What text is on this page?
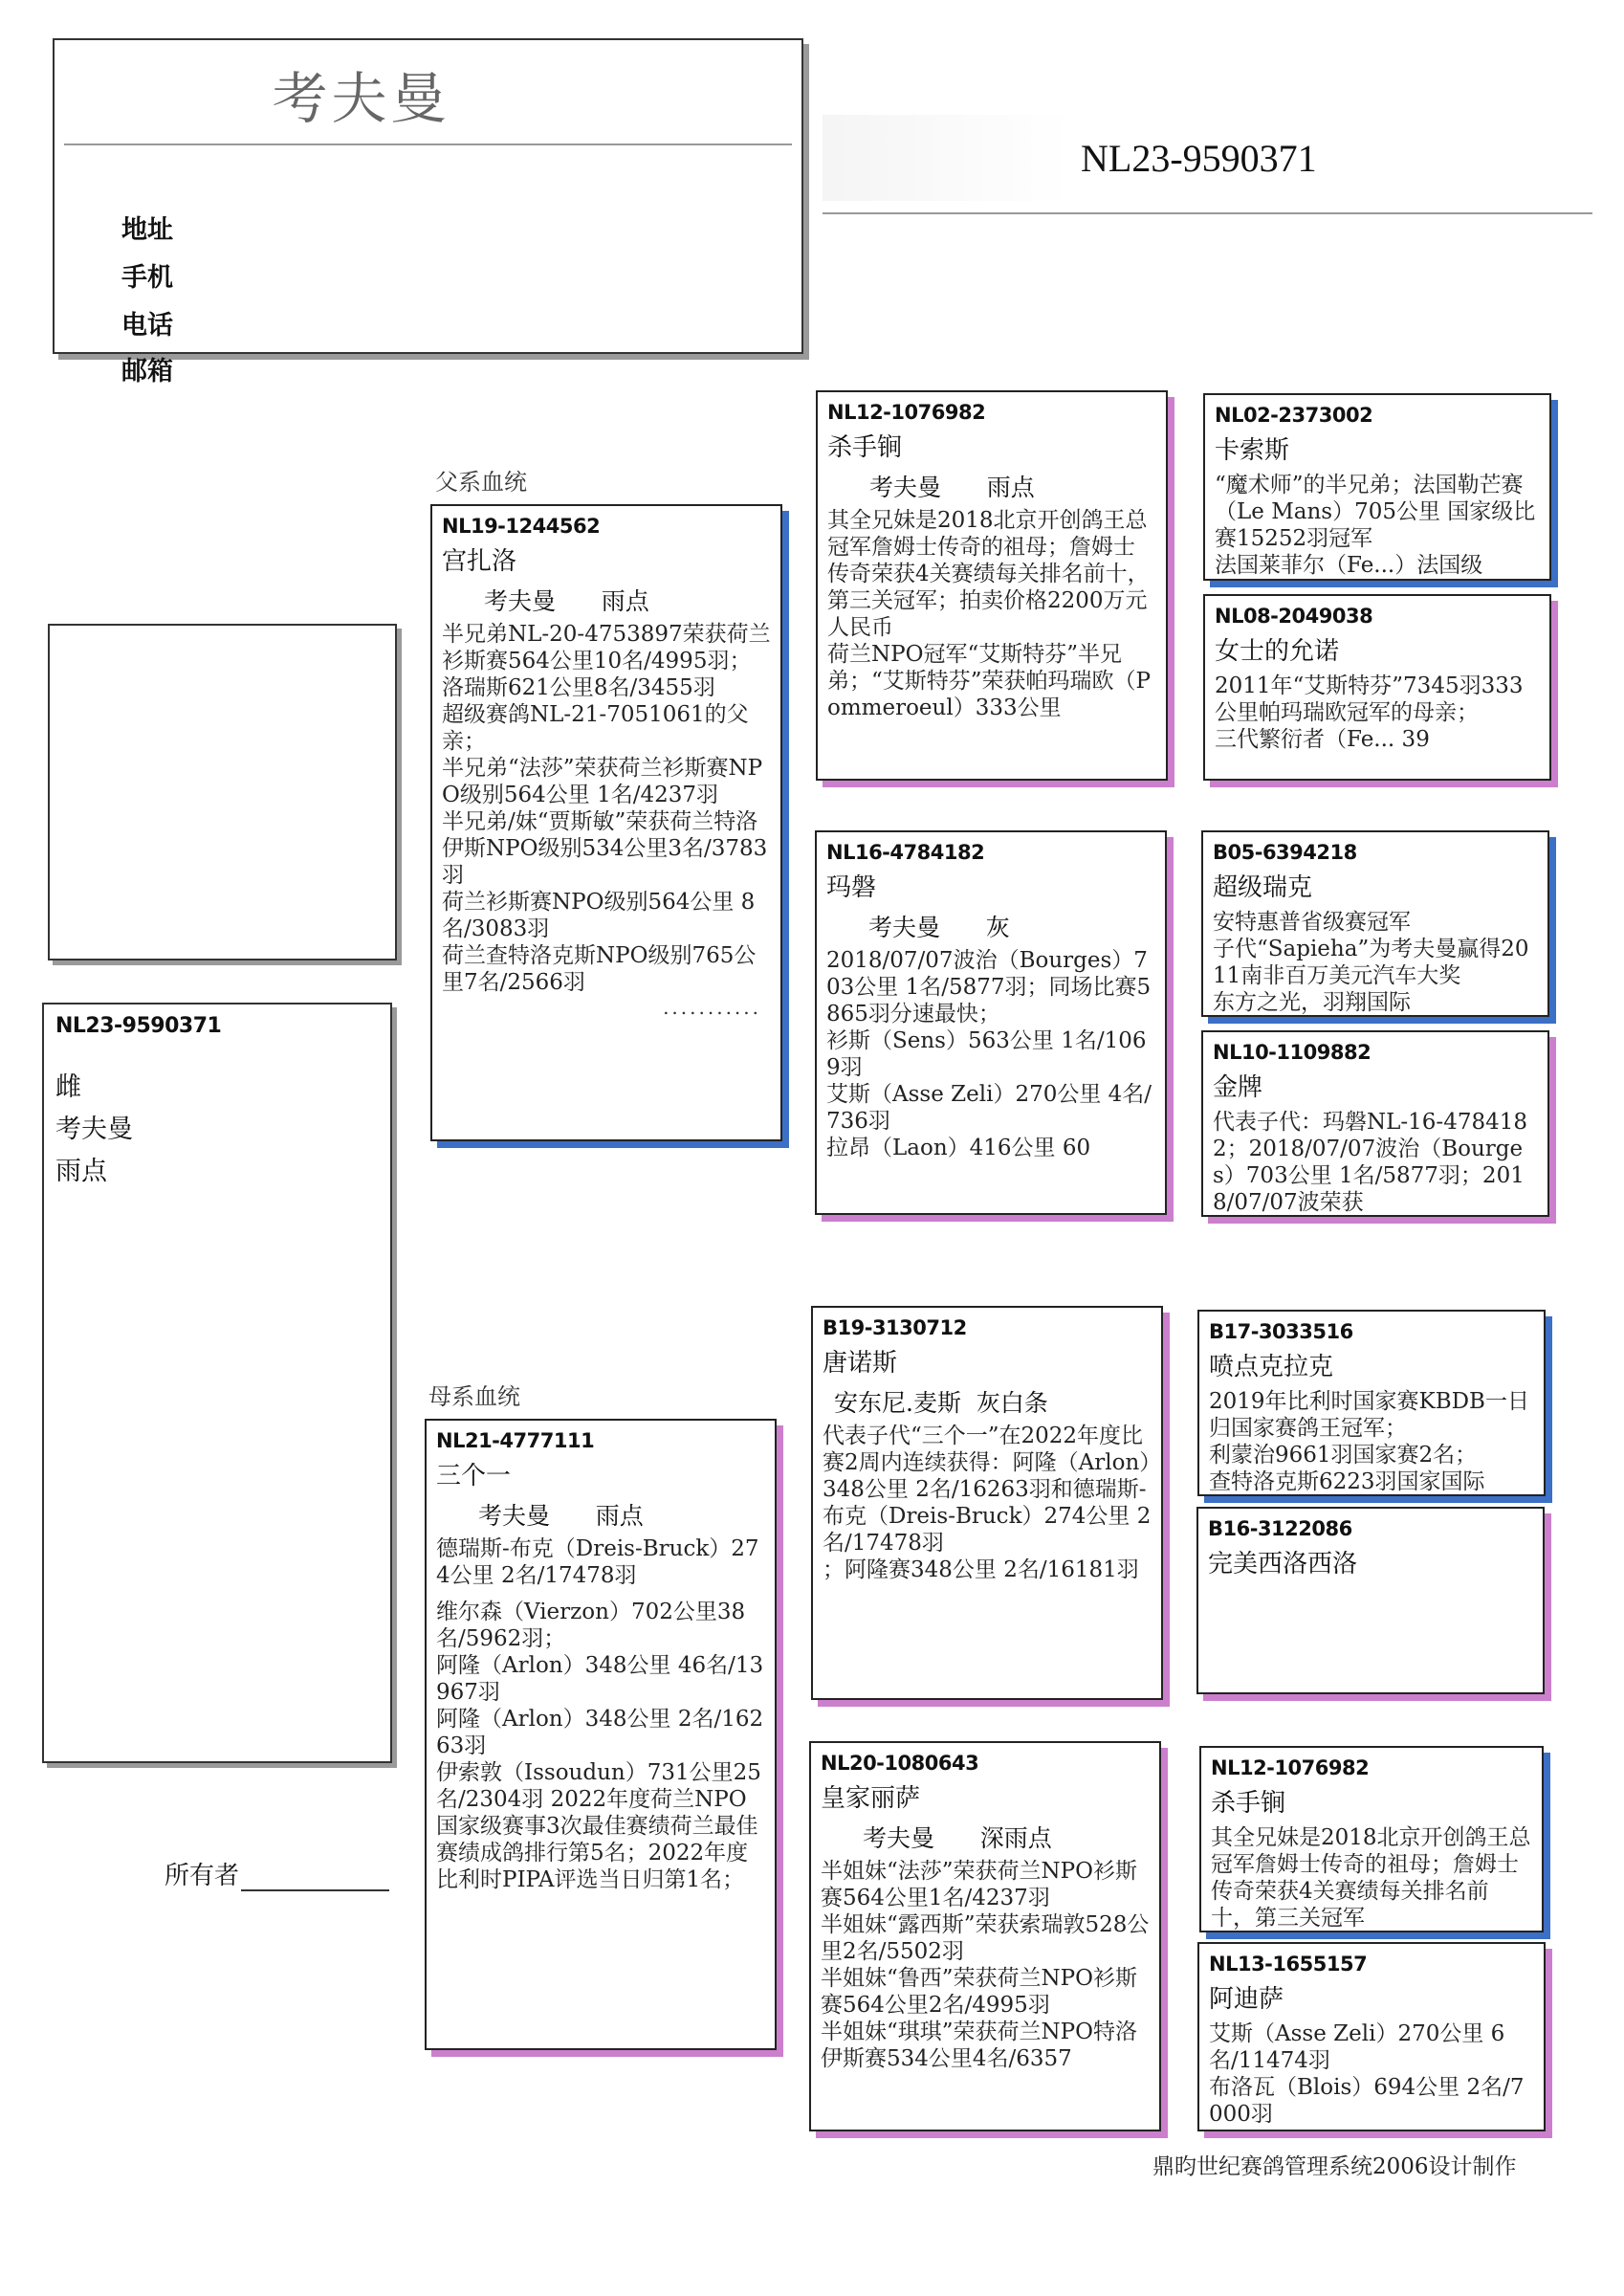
考夫曼
地址
手机
电话
邮箱
NL23-9590371
父系血统
母系血统
NL23-9590371
雌
考夫曼
雨点
所有者
NL19-1244562
宫扎洛
考夫曼 雨点
半兄弟NL-20-4753897荣获荷兰衫斯赛564公里10名/4995羽；洛瑞斯621公里8名/3455羽
超级赛鸽NL-21-7051061的父亲；
半兄弟“法莎”荣获荷兰衫斯赛NPO级别564公里 1名/4237羽
半兄弟/妹“贾斯敏”荣获荷兰特洛伊斯NPO级别534公里3名/3783羽
荷兰衫斯赛NPO级别564公里 8名/3083羽
荷兰查特洛克斯NPO级别765公里7名/2566羽
...........
NL21-4777111
三个一
考夫曼 雨点
德瑞斯-布克（Dreis-Bruck）274公里 2名/17478羽
维尔森（Vierzon）702公里38名/5962羽；
阿隆（Arlon）348公里 46名/13967羽
阿隆（Arlon）348公里 2名/16263羽
伊索敦（Issoudun）731公里25名/2304羽 2022年度荷兰NPO国家级赛事3次最佳赛绩荷兰最佳赛绩成鸽排行第5名；2022年度比利时PIPA评选当日归第1名；
NL12-1076982
杀手锏
考夫曼 雨点
其全兄妹是2018北京开创鸽王总冠军詹姆士传奇的祖母；詹姆士传奇荣获4关赛绩每关排名前十，第三关冠军；拍卖价格2200万元人民币
荷兰NPO冠军“艾斯特芬”半兄弟；“艾斯特芬”荣获帕玛瑞欧（Pommeroeul）333公里
NL16-4784182
玛磐
考夫曼 灰
2018/07/07波治（Bourges）703公里 1名/5877羽；同场比赛5865羽分速最快；
衫斯（Sens）563公里 1名/1069羽
艾斯（Asse Zeli）270公里 4名/736羽
拉昂（Laon）416公里 60
B19-3130712
唐诺斯
安东尼.麦斯 灰白条
代表子代“三个一”在2022年度比赛2周内连续获得：阿隆（Arlon）348公里 2名/16263羽和德瑞斯-布克（Dreis-Bruck）274公里 2名/17478羽
；阿隆赛348公里 2名/16181羽
NL20-1080643
皇家丽萨
考夫曼 深雨点
半姐妹“法莎”荣获荷兰NPO衫斯赛564公里1名/4237羽
半姐妹“露西斯”荣获索瑞敦528公里2名/5502羽
半姐妹“鲁西”荣获荷兰NPO衫斯赛564公里2名/4995羽
半姐妹“琪琪”荣获荷兰NPO特洛伊斯赛534公里4名/6357
NL02-2373002
卡索斯
“魔术师”的半兄弟；法国勒芒赛（Le Mans）705公里 国家级比赛15252羽冠军
法国莱菲尔（Fe...）法国级
NL08-2049038
女士的允诺
2011年“艾斯特芬”7345羽333公里帕玛瑞欧冠军的母亲；
三代繁衍者（Fe... 39
B05-6394218
超级瑞克
安特惠普省级赛冠军
子代“Sapieha”为考夫曼赢得2011南非百万美元汽车大奖
东方之光，羽翔国际
NL10-1109882
金牌
代表子代：玛磐NL-16-4784182；2018/07/07波治（Bourges）703公里 1名/5877羽；2018/07/07波荣获
B17-3033516
喷点克拉克
2019年比利时国家赛KBDB一日归国家赛鸽王冠军；
利蒙治9661羽国家赛2名；
查特洛克斯6223羽国家国际
B16-3122086
完美西洛西洛
NL12-1076982
杀手锏
其全兄妹是2018北京开创鸽王总冠军詹姆士传奇的祖母；詹姆士传奇荣获4关赛绩每关排名前十，第三关冠军
NL13-1655157
阿迪萨
艾斯（Asse Zeli）270公里 6名/11474羽
布洛瓦（Blois）694公里 2名/7000羽
鼎昀世纪赛鸽管理系统2006设计制作
